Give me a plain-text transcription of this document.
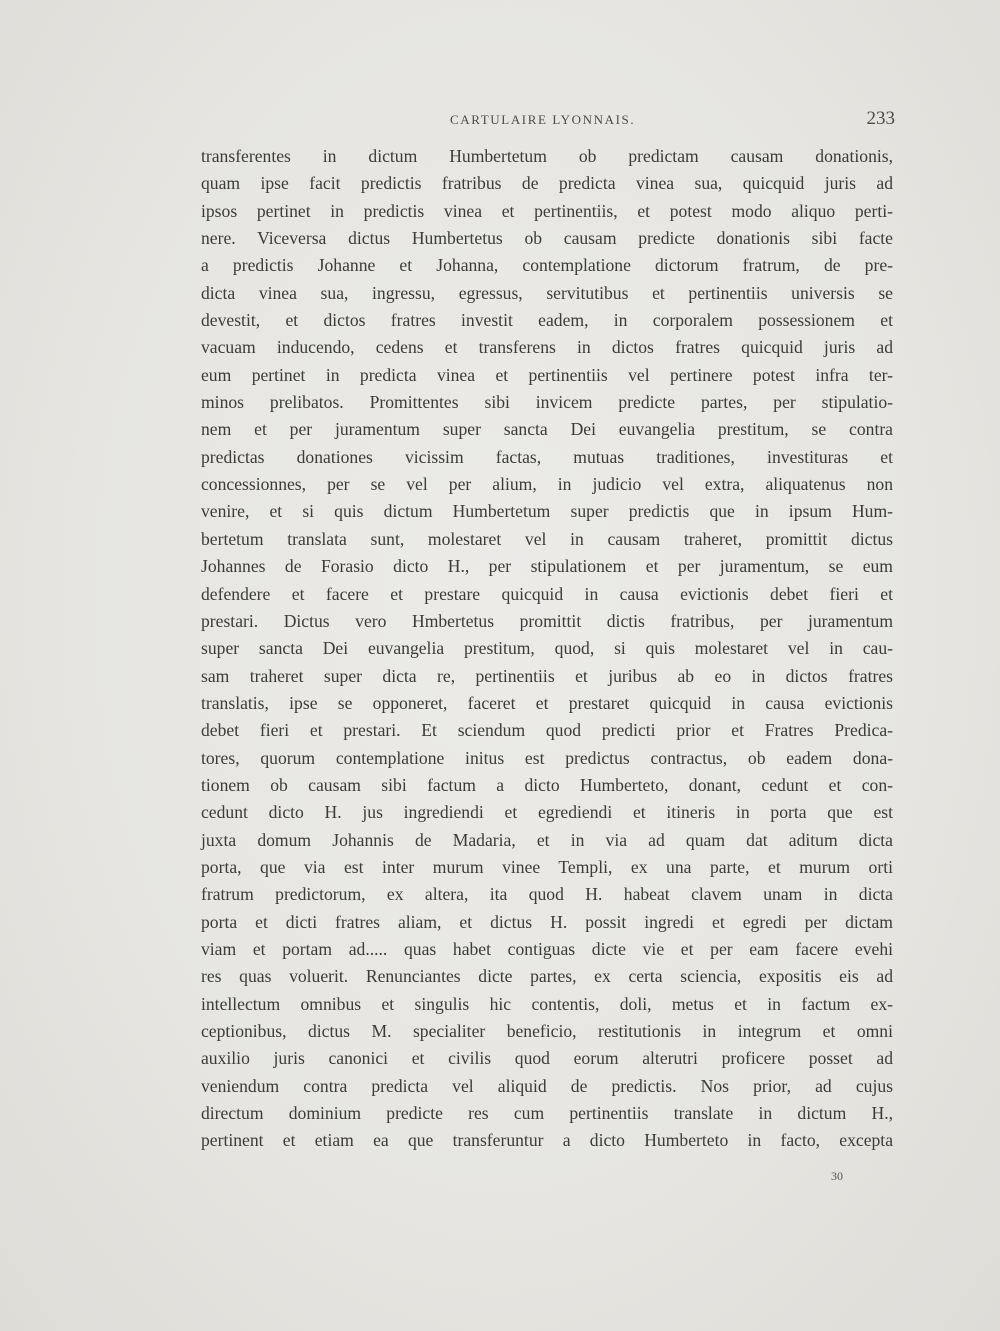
CARTULAIRE LYONNAIS.	233
transferentes in dictum Humbertetum ob predictam causam donationis,
quam ipse facit predictis fratribus de predicta vinea sua, quicquid juris ad
ipsos pertinet in predictis vinea et pertinentiis, et potest modo aliquo perti-
nere. Viceversa dictus Humbertetus ob causam predicte donationis sibi facte
a predictis Johanne et Johanna, contemplatione dictorum fratrum, de pre-
dicta vinea sua, ingressu, egressus, servitutibus et pertinentiis universis se
devestit, et dictos fratres investit eadem, in corporalem possessionem et
vacuam inducendo, cedens et transferens in dictos fratres quicquid juris ad
eum pertinet in predicta vinea et pertinentiis vel pertinere potest infra ter-
minos prelibatos. Promittentes sibi invicem predicte partes, per stipulatio-
nem et per juramentum super sancta Dei euvangelia prestitum, se contra
predictas donationes vicissim factas, mutuas traditiones, investituras et
concessionnes, per se vel per alium, in judicio vel extra, aliquatenus non
venire, et si quis dictum Humbertetum super predictis que in ipsum Hum-
bertetum translata sunt, molestaret vel in causam traheret, promittit dictus
Johannes de Forasio dicto H., per stipulationem et per juramentum, se eum
defendere et facere et prestare quicquid in causa evictionis debet fieri et
prestari. Dictus vero Hmbertetus promittit dictis fratribus, per juramentum
super sancta Dei euvangelia prestitum, quod, si quis molestaret vel in cau-
sam traheret super dicta re, pertinentiis et juribus ab eo in dictos fratres
translatis, ipse se opponeret, faceret et prestaret quicquid in causa evictionis
debet fieri et prestari. Et sciendum quod predicti prior et Fratres Predica-
tores, quorum contemplatione initus est predictus contractus, ob eadem dona-
tionem ob causam sibi factum a dicto Humberteto, donant, cedunt et con-
cedunt dicto H. jus ingrediendi et egrediendi et itineris in porta que est
juxta domum Johannis de Madaria, et in via ad quam dat aditum dicta
porta, que via est inter murum vinee Templi, ex una parte, et murum orti
fratrum predictorum, ex altera, ita quod H. habeat clavem unam in dicta
porta et dicti fratres aliam, et dictus H. possit ingredi et egredi per dictam
viam et portam ad..... quas habet contiguas dicte vie et per eam facere evehi
res quas voluerit. Renunciantes dicte partes, ex certa sciencia, expositis eis ad
intellectum omnibus et singulis hic contentis, doli, metus et in factum ex-
ceptionibus, dictus M. specialiter beneficio, restitutionis in integrum et omni
auxilio juris canonici et civilis quod eorum alterutri proficere posset ad
veniendum contra predicta vel aliquid de predictis. Nos prior, ad cujus
directum dominium predicte res cum pertinentiis translate in dictum H.,
pertinent et etiam ea que transferuntur a dicto Humberteto in facto, excepta
30
